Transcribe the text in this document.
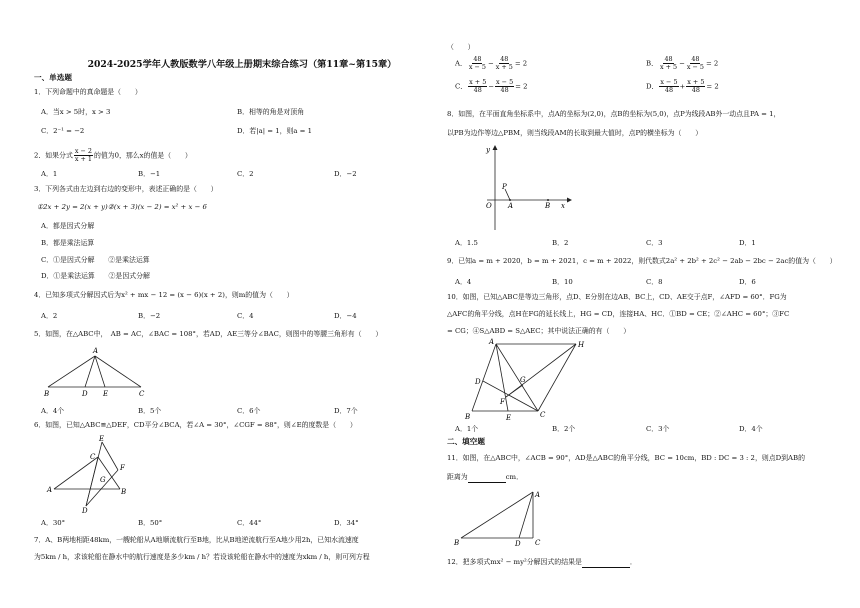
2024-2025学年人教版数学八年级上册期末综合练习（第11章~第15章）
一、单选题
1．下列命题中的真命题是（　　）
A．当x > 5时，x > 3	B．相等的角是对顶角
C．2⁻¹ = −2	D．若|a| = 1，则a = 1
2．如果分式 $\frac{x - 2}{x + 1}$ 的值为0，那么x的值是（　　）
A．1	B．−1	C．2	D．−2
3．下列各式由左边到右边的变形中，表述正确的是（　　）
①2x + 2y = 2(x + y)②(x + 3)(x − 2) = x² + x − 6
A．都是因式分解
B．都是乘法运算
C．①是因式分解　　②是乘法运算
D．①是乘法运算　　②是因式分解
4．已知多项式分解因式后为x² + mx − 12 = (x − 6)(x + 2)，则m的值为（　　）
A．2	B．−2	C．4	D．−4
5．如图，在△ABC中，　AB = AC，∠BAC = 108°，若AD，AE三等分∠BAC，则图中的等腰三角形有（　　）
A
B	D E	C
A．4个	B．5个	C．6个	D．7个
6．如图，已知△ABC≌△DEF，CD平分∠BCA，若∠A = 30°，∠CGF = 88°，则∠E的度数是（　　）
E
C
F
G
A	B
D
A．30°	B．50°	C．44°	D．34°
7．A、B两地相距48km，一艘轮船从A地顺流航行至B地，比从B地逆流航行至A地少用2h，已知水流速度
为5km / h，求该轮船在静水中的航行速度是多少km / h？若设该轮船在静水中的速度为xkm / h，则可列方程
（　　）
A． $\frac{48}{x - 5} - \frac{48}{x + 5} = 2$	B． $\frac{48}{x + 5} - \frac{48}{x - 5} = 2$
C． $\frac{x + 5}{48} - \frac{x - 5}{48} = 2$	D． $\frac{x - 5}{48} + \frac{x + 5}{48} = 2$
8．如图，在平面直角坐标系中，点A的坐标为(2,0)，点B的坐标为(5,0)，点P为线段AB外一动点且PA = 1，
以PB为边作等边△PBM，则当线段AM的长取到最大值时，点P的横坐标为（　　）
y
P
O A	B x
A．1.5	B．2	C．3	D．1
9．已知a = m + 2020，b = m + 2021，c = m + 2022，则代数式2a² + 2b² + 2c² − 2ab − 2bc − 2ac的值为（　　）
A．4	B．10	C．8	D．6
10．如图，已知△ABC是等边三角形，点D、E分别在边AB、BC上，CD、AE交于点F，∠AFD = 60°．FG为
△AFC的角平分线，点H在FG的延长线上，HG = CD，连接HA、HC．①BD = CE；②∠AHC = 60°；③FC
= CG；④S△ABD = S△AEC；其中说法正确的有（　　）
A	H
D	G
F
B	E	C
A．1个	B．2个	C．3个	D．4个
二、填空题
11．如图，在△ABC中，∠ACB = 90°，AD是△ABC的角平分线，BC = 10cm，BD : DC = 3 : 2，则点D到AB的
距离为	cm．
A
B	D C
12．把多项式mx² − my²分解因式的结果是	．
